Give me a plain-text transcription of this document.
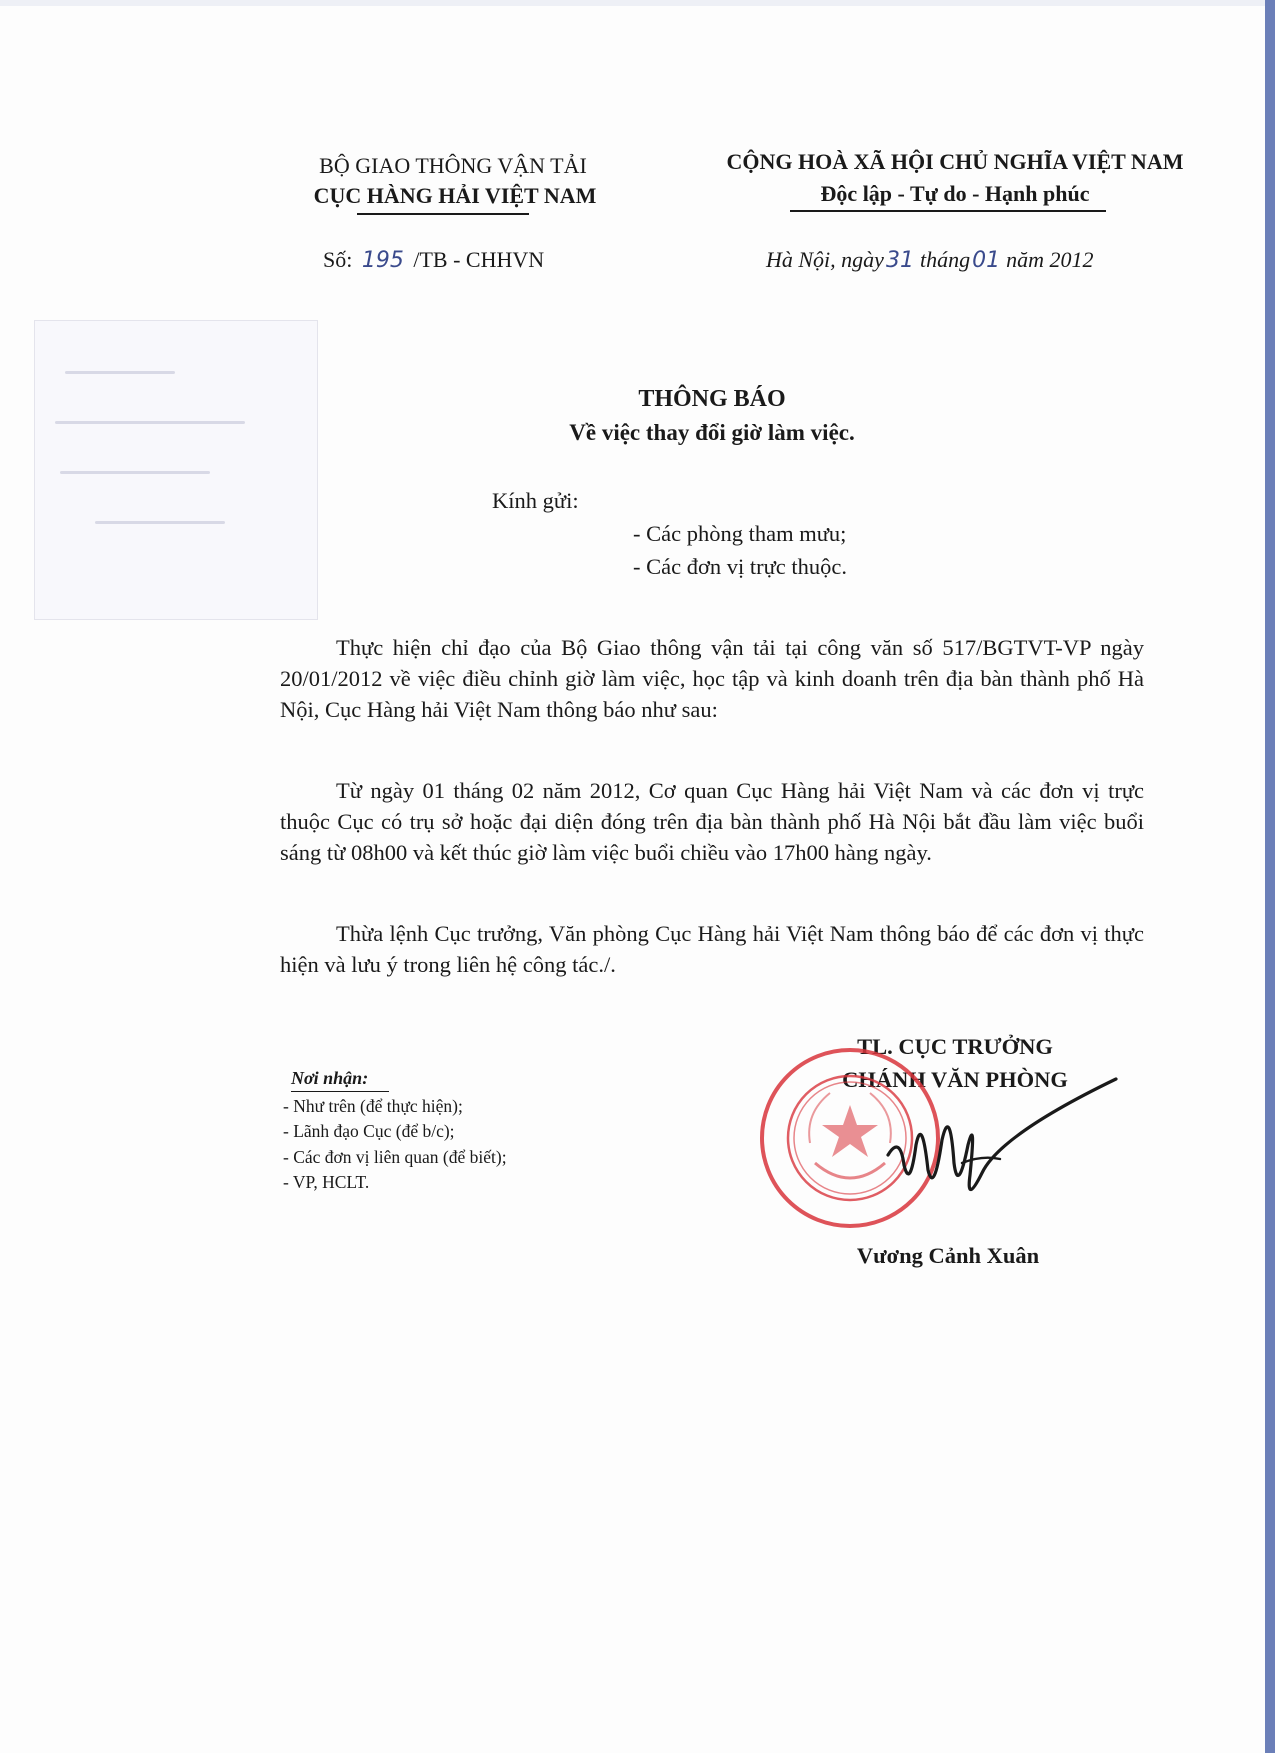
BỘ GIAO THÔNG VẬN TẢI
CỤC HÀNG HẢI VIỆT NAM
Số: 195 /TB - CHHVN
CỘNG HOÀ XÃ HỘI CHỦ NGHĨA VIỆT NAM
Độc lập - Tự do - Hạnh phúc
Hà Nội, ngày31 tháng01 năm 2012
THÔNG BÁO
Về việc thay đổi giờ làm việc.
Kính gửi:
- Các phòng tham mưu;
- Các đơn vị trực thuộc.

Thực hiện chỉ đạo của Bộ Giao thông vận tải tại công văn số 517/BGTVT-VP ngày 20/01/2012 về việc điều chỉnh giờ làm việc, học tập và kinh doanh trên địa bàn thành phố Hà Nội, Cục Hàng hải Việt Nam thông báo như sau:

Từ ngày 01 tháng 02 năm 2012, Cơ quan Cục Hàng hải Việt Nam và các đơn vị trực thuộc Cục có trụ sở hoặc đại diện đóng trên địa bàn thành phố Hà Nội bắt đầu làm việc buổi sáng từ 08h00 và kết thúc giờ làm việc buổi chiều vào 17h00 hàng ngày.

Thừa lệnh Cục trưởng, Văn phòng Cục Hàng hải Việt Nam thông báo để các đơn vị thực hiện và lưu ý trong liên hệ công tác./.

Nơi nhận:
- Như trên (để thực hiện);
- Lãnh đạo Cục (để b/c);
- Các đơn vị liên quan (để biết);
- VP, HCLT.
TL. CỤC TRƯỞNG
CHÁNH VĂN PHÒNG
Vương Cảnh Xuân
